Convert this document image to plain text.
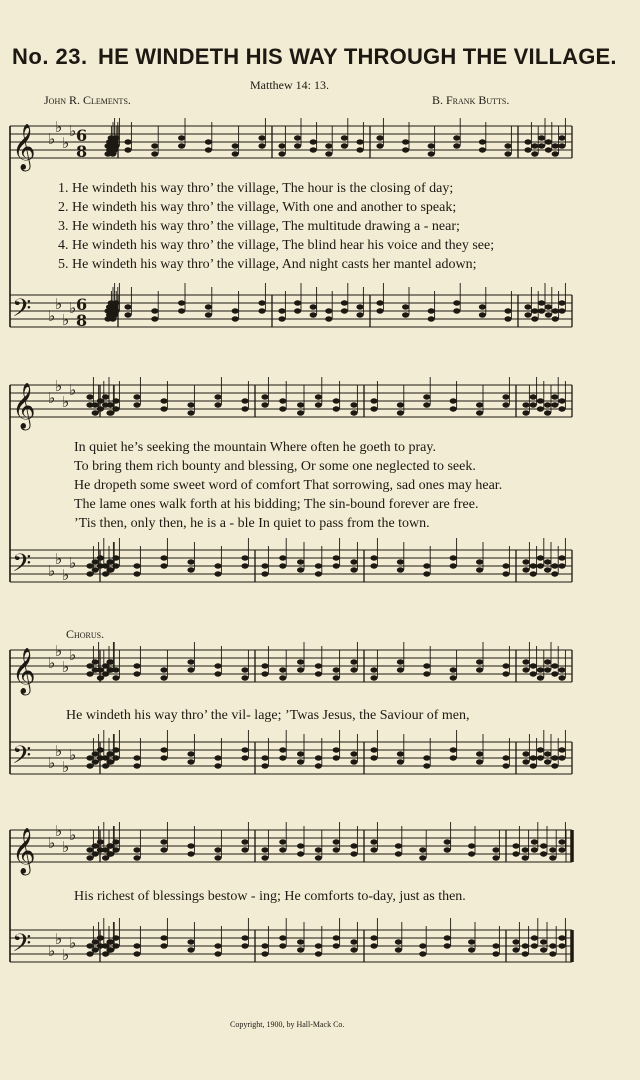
No. 23. HE WINDETH HIS WAY THROUGH THE VILLAGE.
Matthew 14: 13.
John R. Clements.	B. Frank Butts.
𝄞 ♭
♭
♭
♭ 6
8
𝄢 ♭
♭
♭
♭ 6
8
𝄞 ♭
♭
♭
♭
𝄢 ♭
♭
♭
♭
𝄞 ♭
♭
♭
♭
𝄢 ♭
♭
♭
♭
𝄞 ♭
♭
♭
♭
𝄢 ♭
♭
♭
♭
1. He windeth his way thro’ the village, The hour is the closing of day;
2. He windeth his way thro’ the village, With one and another to speak;
3. He windeth his way thro’ the village, The multitude drawing a - near;
4. He windeth his way thro’ the village, The blind hear his voice and they see;
5. He windeth his way thro’ the village, And night casts her mantel adown;
In quiet he’s seeking the mountain Where often he goeth to pray.
To bring them rich bounty and blessing, Or some one neglected to seek.
He dropeth some sweet word of comfort That sorrowing, sad ones may hear.
The lame ones walk forth at his bidding; The sin-bound forever are free.
’Tis then, only then, he is a - ble In quiet to pass from the town.
Chorus.
He windeth his way thro’ the vil- lage; ’Twas Jesus, the Saviour of men,
His richest of blessings bestow - ing; He comforts to-day, just as then.
Copyright, 1900, by Hall-Mack Co.
